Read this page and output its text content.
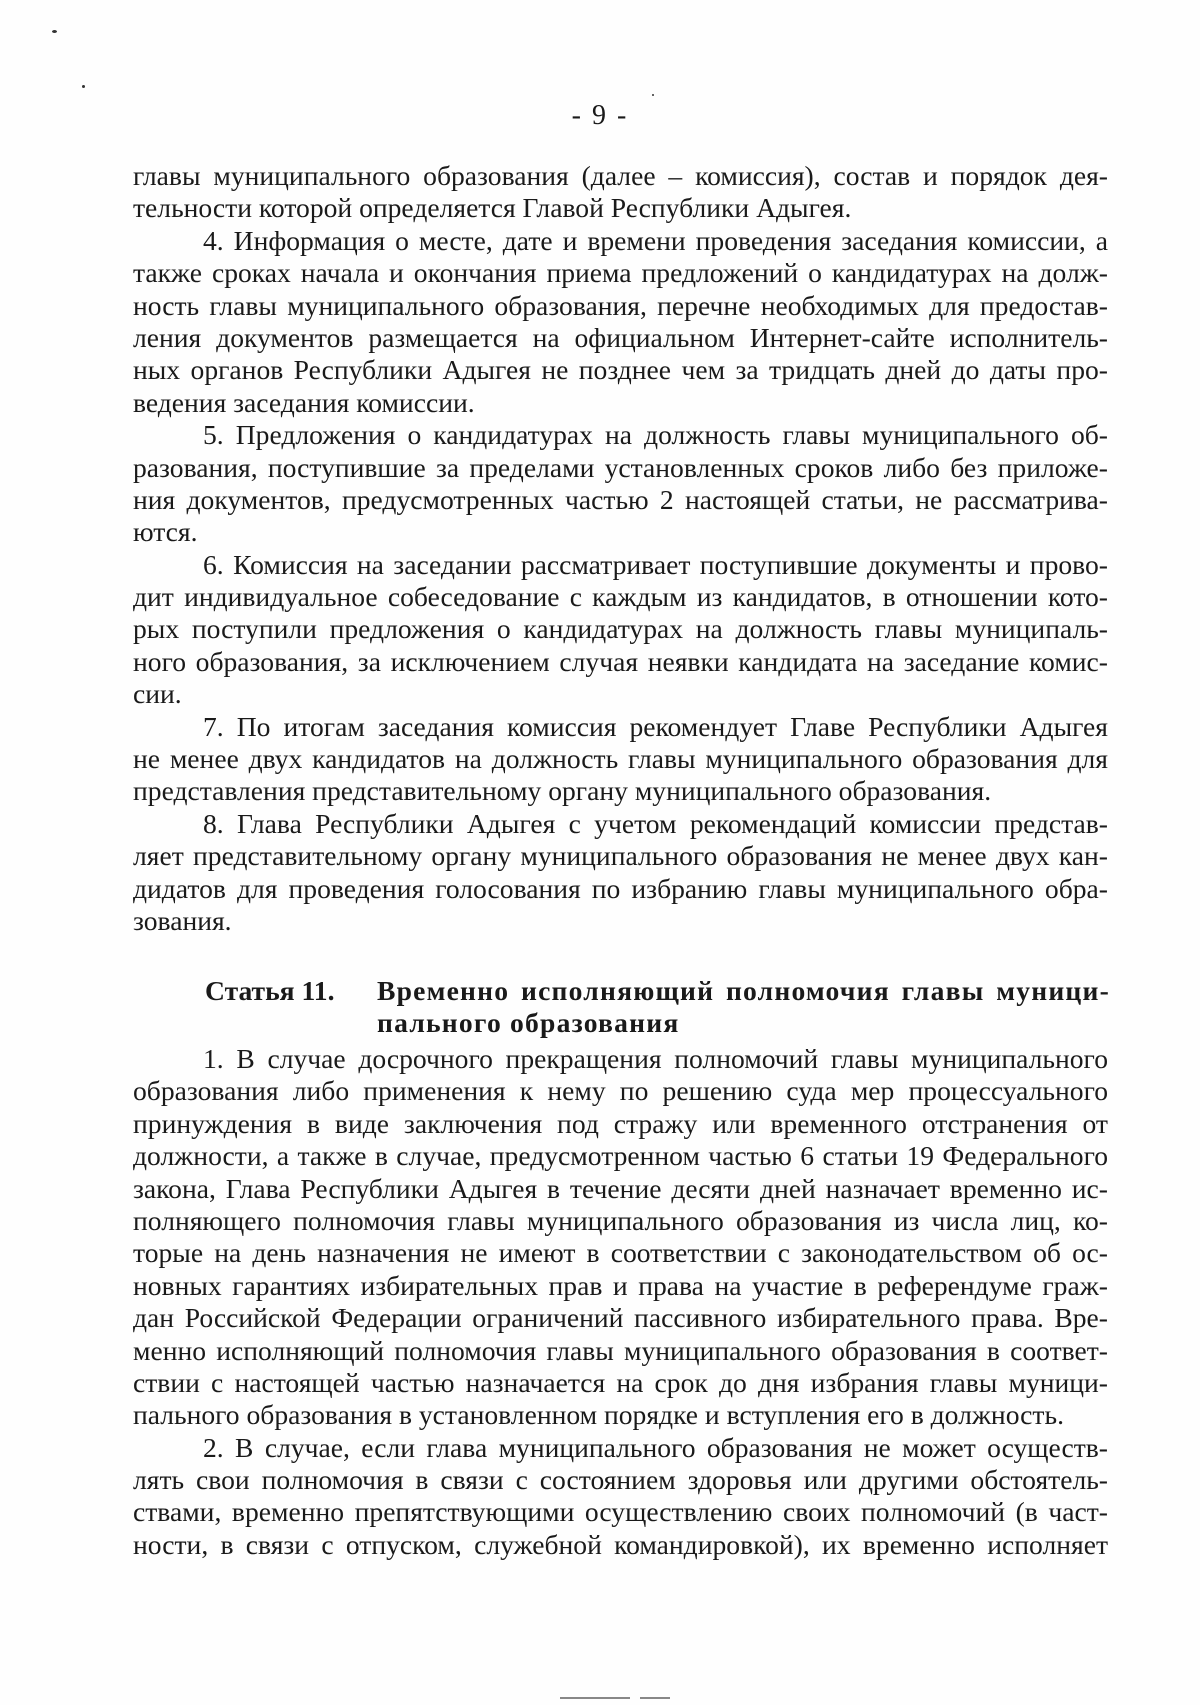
- 9 -
главы муниципального образования (далее – комиссия), состав и порядок дея-
тельности которой определяется Главой Республики Адыгея.
4. Информация о месте, дате и времени проведения заседания комиссии, а
также сроках начала и окончания приема предложений о кандидатурах на долж-
ность главы муниципального образования, перечне необходимых для предостав-
ления документов размещается на официальном Интернет-сайте исполнитель-
ных органов Республики Адыгея не позднее чем за тридцать дней до даты про-
ведения заседания комиссии.
5. Предложения о кандидатурах на должность главы муниципального об-
разования, поступившие за пределами установленных сроков либо без приложе-
ния документов, предусмотренных частью 2 настоящей статьи, не рассматрива-
ются.
6. Комиссия на заседании рассматривает поступившие документы и прово-
дит индивидуальное собеседование с каждым из кандидатов, в отношении кото-
рых поступили предложения о кандидатурах на должность главы муниципаль-
ного образования, за исключением случая неявки кандидата на заседание комис-
сии.
7. По итогам заседания комиссия рекомендует Главе Республики Адыгея
не менее двух кандидатов на должность главы муниципального образования для
представления представительному органу муниципального образования.
8. Глава Республики Адыгея с учетом рекомендаций комиссии представ-
ляет представительному органу муниципального образования не менее двух кан-
дидатов для проведения голосования по избранию главы муниципального обра-
зования.
Статья 11. Временно исполняющий полномочия главы муници-
пального образования
1. В случае досрочного прекращения полномочий главы муниципального
образования либо применения к нему по решению суда мер процессуального
принуждения в виде заключения под стражу или временного отстранения от
должности, а также в случае, предусмотренном частью 6 статьи 19 Федерального
закона, Глава Республики Адыгея в течение десяти дней назначает временно ис-
полняющего полномочия главы муниципального образования из числа лиц, ко-
торые на день назначения не имеют в соответствии с законодательством об ос-
новных гарантиях избирательных прав и права на участие в референдуме граж-
дан Российской Федерации ограничений пассивного избирательного права. Вре-
менно исполняющий полномочия главы муниципального образования в соответ-
ствии с настоящей частью назначается на срок до дня избрания главы муници-
пального образования в установленном порядке и вступления его в должность.
2. В случае, если глава муниципального образования не может осуществ-
лять свои полномочия в связи с состоянием здоровья или другими обстоятель-
ствами, временно препятствующими осуществлению своих полномочий (в част-
ности, в связи с отпуском, служебной командировкой), их временно исполняет
